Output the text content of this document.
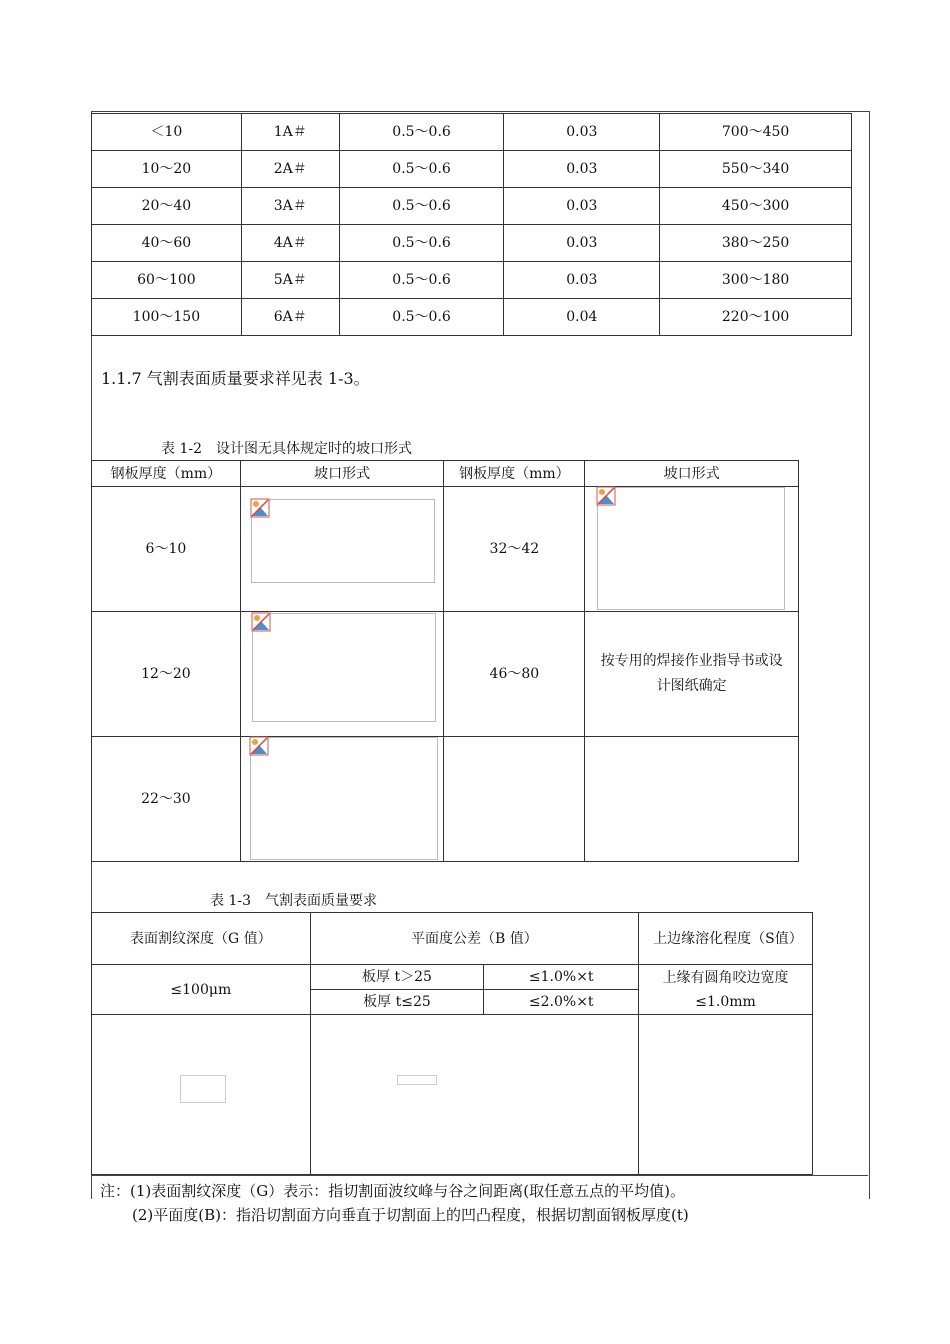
＜10	1A＃	0.5～0.6	0.03	700～450
10～20	2A＃	0.5～0.6	0.03	550～340
20～40	3A＃	0.5～0.6	0.03	450～300
40～60	4A＃	0.5～0.6	0.03	380～250
60～100	5A＃	0.5～0.6	0.03	300～180
100～150	6A＃	0.5～0.6	0.04	220～100
1.1.7 气割表面质量要求祥见表 1-3。
表 1-2　设计图无具体规定时的坡口形式
钢板厚度（mm）	坡口形式	钢板厚度（mm）	坡口形式
6～10		32～42	

12～20		46～80	按专用的焊接作业指导书或设计图纸确定
22～30	

表 1-3　气割表面质量要求
表面割纹深度（G 值）	平面度公差（B 值）		上边缘溶化程度（S值）
≤100μm	板厚 t＞25	≤1.0%×t	上缘有圆角咬边宽度≤1.0mm
	板厚 t≤25	≤2.0%×t	

注：(1)表面割纹深度（G）表示：指切割面波纹峰与谷之间距离(取任意五点的平均值)。
(2)平面度(B)：指沿切割面方向垂直于切割面上的凹凸程度，根据切割面钢板厚度(t)
